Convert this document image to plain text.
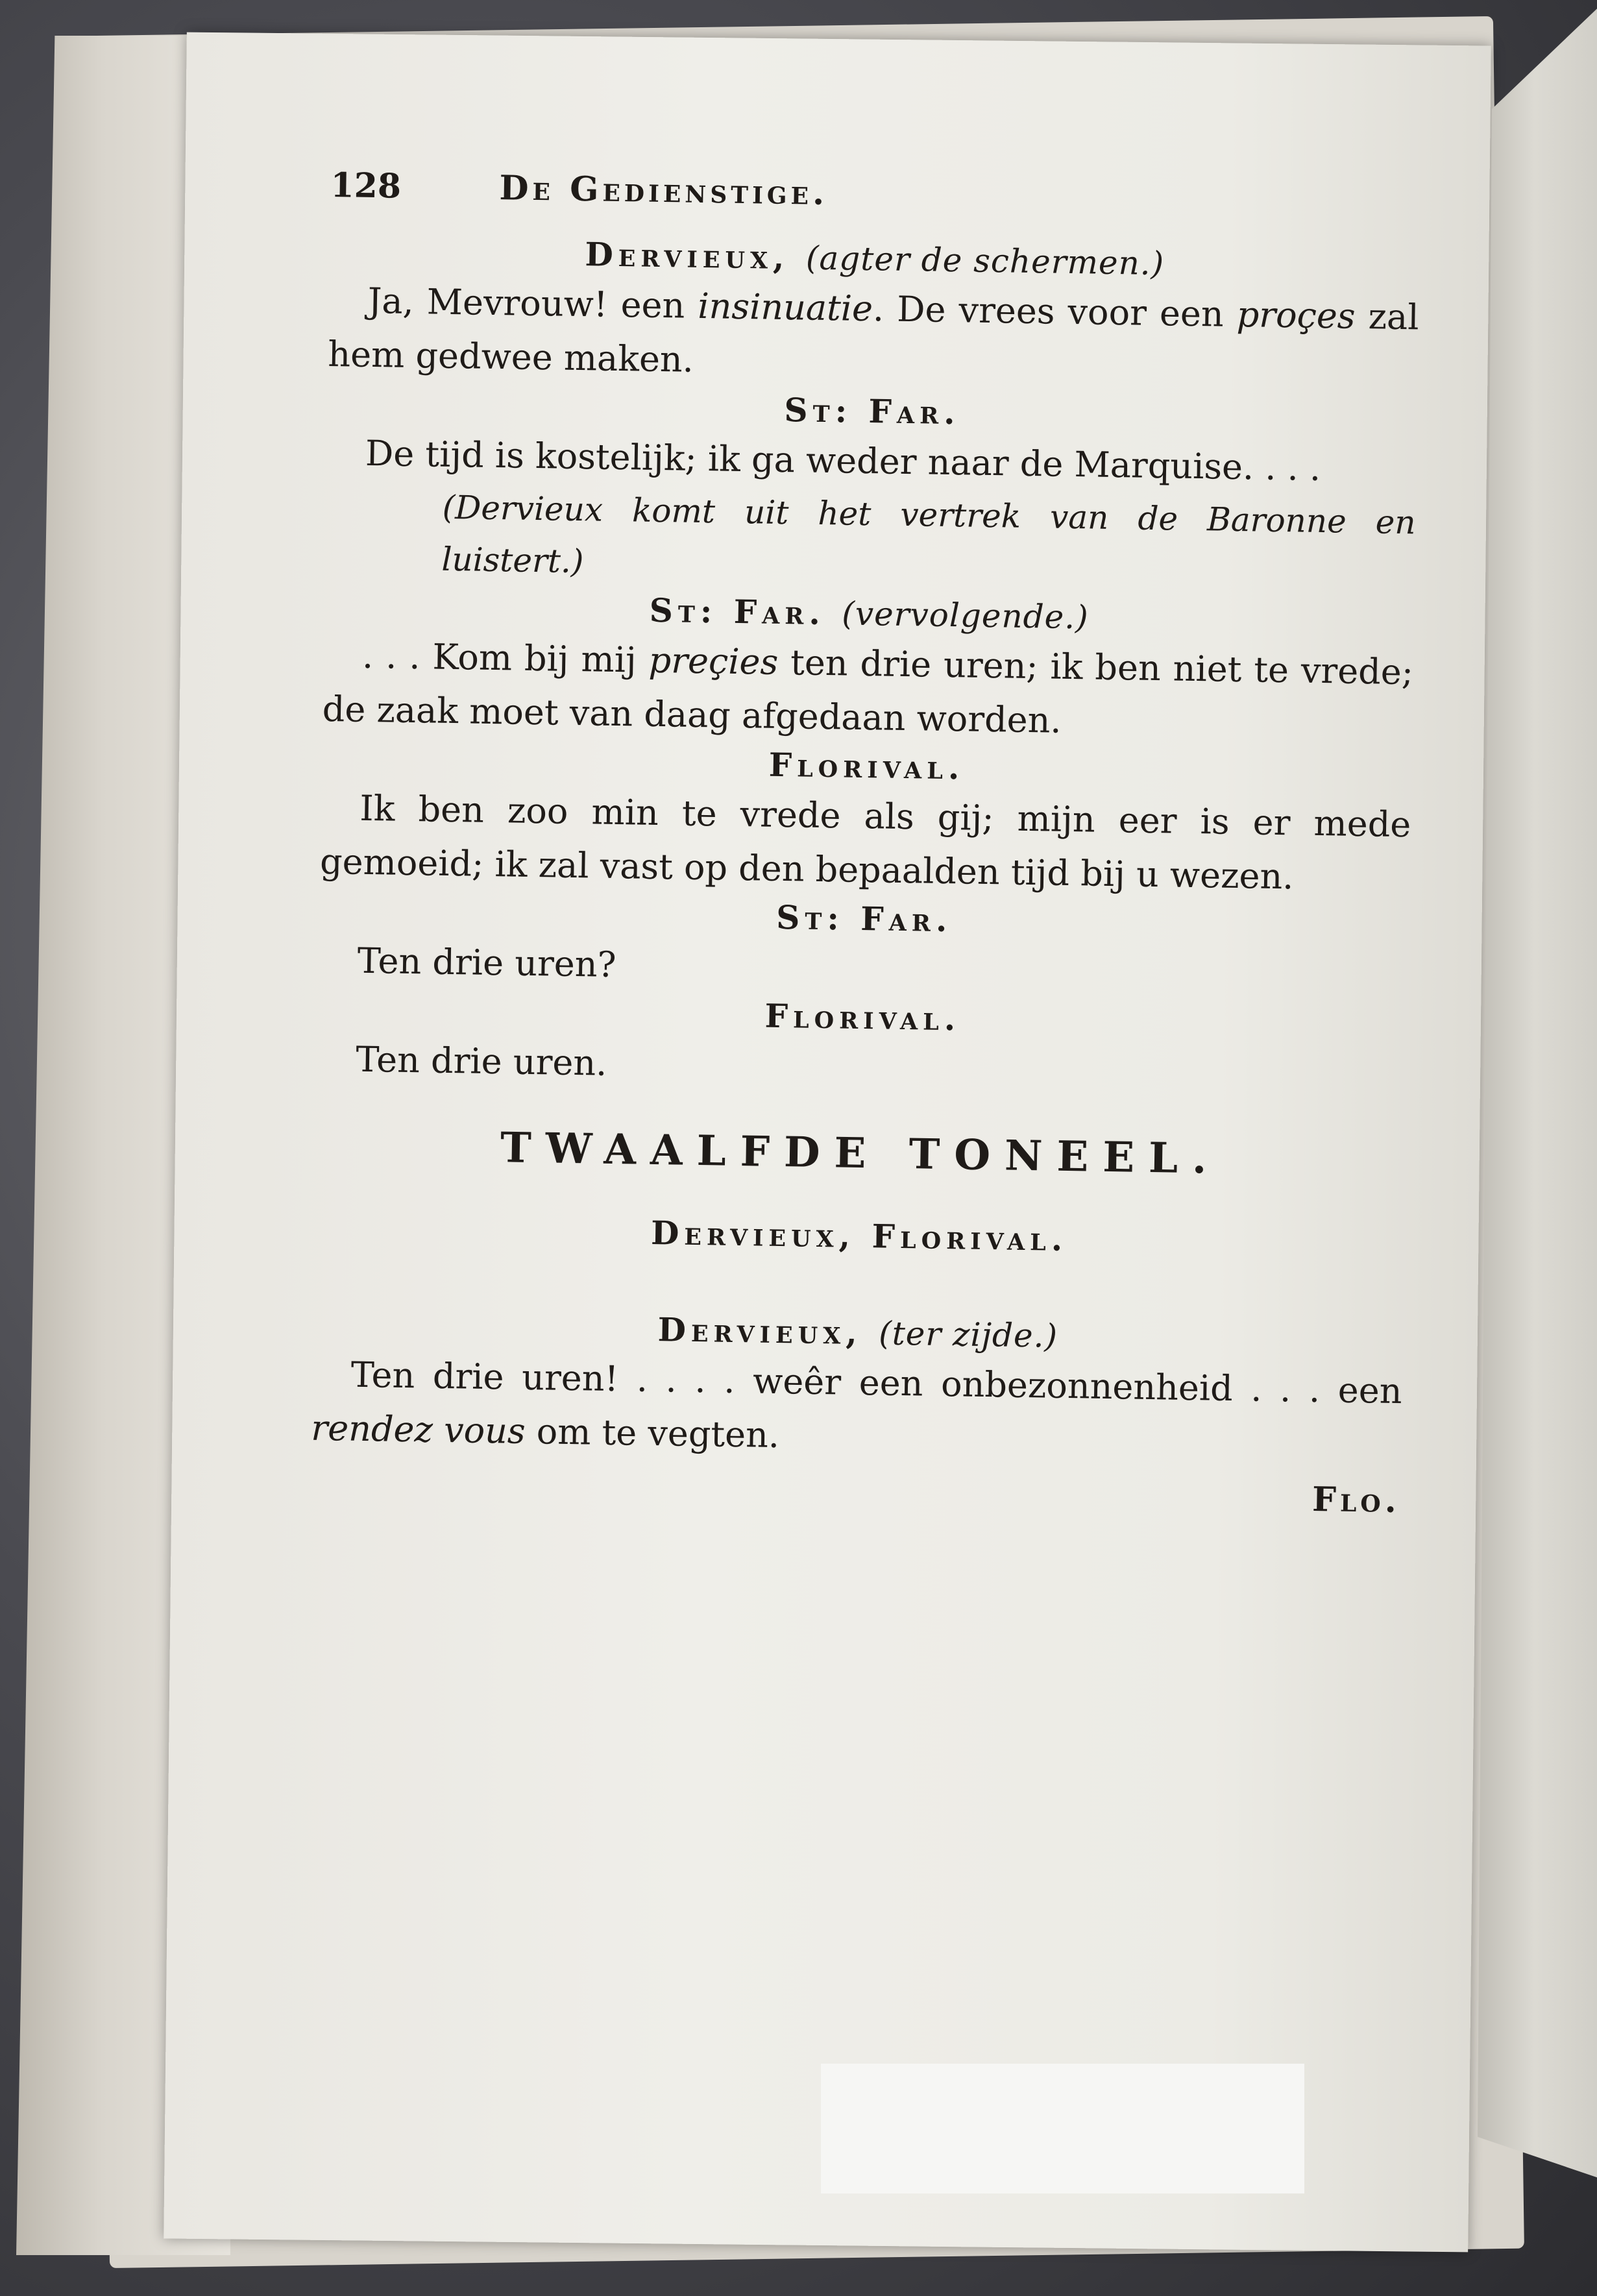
128	De Gedienstige.
Dervieux, (agter de schermen.)
Ja, Mevrouw! een insinuatie. De vrees voor een proçes zal hem gedwee maken.
St: Far.
De tijd is kostelijk; ik ga weder naar de Marquise. . . .
(Dervieux komt uit het vertrek van de Baronne en luistert.)
St: Far. (vervolgende.)
. . . Kom bij mij preçies ten drie uren; ik ben niet te vrede; de zaak moet van daag afgedaan worden.
Florival.
Ik ben zoo min te vrede als gij; mijn eer is er mede gemoeid; ik zal vast op den bepaalden tijd bij u wezen.
St: Far.
Ten drie uren?
Florival.
Ten drie uren.
TWAALFDE TONEEL.
Dervieux, Florival.
Dervieux, (ter zijde.)
Ten drie uren! . . . . weêr een onbezonnenheid . . . een rendez vous om te vegten.
Flo.
